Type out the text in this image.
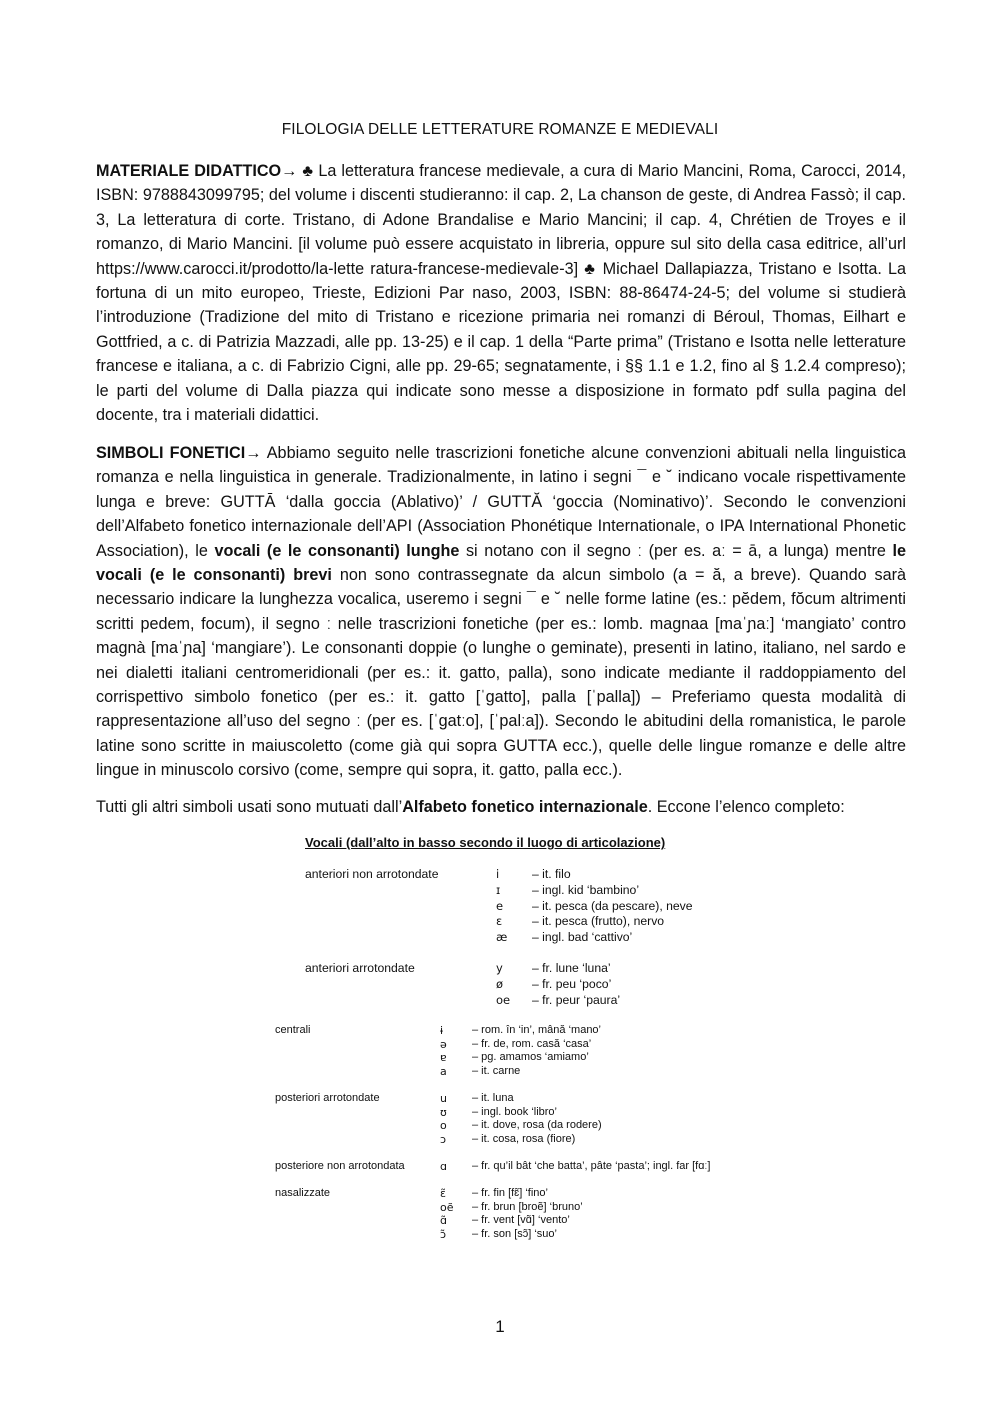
FILOLOGIA DELLE LETTERATURE ROMANZE E MEDIEVALI

MATERIALE DIDATTICO→ ♣ La letteratura francese medievale, a cura di Mario Mancini, Roma, Carocci, 2014, ISBN: 9788843099795; del volume i discenti studieranno: il cap. 2, La chanson de geste, di Andrea Fassò; il cap. 3, La letteratura di corte. Tristano, di Adone Brandalise e Mario Mancini; il cap. 4, Chrétien de Troyes e il romanzo, di Mario Mancini. [il volume può essere acquistato in libreria, oppure sul sito della casa editrice, all’url https://www.carocci.it/prodotto/la-lette ratura-francese-medievale-3] ♣ Michael Dallapiazza, Tristano e Isotta. La fortuna di un mito europeo, Trieste, Edizioni Par naso, 2003, ISBN: 88-86474-24-5; del volume si studierà l’introduzione (Tradizione del mito di Tristano e ricezione primaria nei romanzi di Béroul, Thomas, Eilhart e Gottfried, a c. di Patrizia Mazzadi, alle pp. 13-25) e il cap. 1 della “Parte prima” (Tristano e Isotta nelle letterature francese e italiana, a c. di Fabrizio Cigni, alle pp. 29-65; segnatamente, i §§ 1.1 e 1.2, fino al § 1.2.4 compreso); le parti del volume di Dalla piazza qui indicate sono messe a disposizione in formato pdf sulla pagina del docente, tra i materiali didattici.

SIMBOLI FONETICI→ Abbiamo seguito nelle trascrizioni fonetiche alcune convenzioni abituali nella linguistica romanza e nella linguistica in generale. Tradizionalmente, in latino i segni ¯ e ˘ indicano vocale rispettivamente lunga e breve: GUTTĀ ‘dalla goccia (Ablativo)’ / GUTTĂ ‘goccia (Nominativo)’. Secondo le convenzioni dell’Alfabeto fonetico internazionale dell’API (Association Phonétique Internationale, o IPA International Phonetic Association), le vocali (e le consonanti) lunghe si notano con il segno ː (per es. aː = ā, a lunga) mentre le vocali (e le consonanti) brevi non sono contrassegnate da alcun simbolo (a = ă, a breve). Quando sarà necessario indicare la lunghezza vocalica, useremo i segni ¯ e ˘ nelle forme latine (es.: pĕdem, fŏcum altrimenti scritti pedem, focum), il segno ː nelle trascrizioni fonetiche (per es.: lomb. magnaa [maˈɲaː] ‘mangiato’ contro magnà [maˈɲa] ‘mangiare’). Le consonanti doppie (o lunghe o geminate), presenti in latino, italiano, nel sardo e nei dialetti italiani centromeridionali (per es.: it. gatto, palla), sono indicate mediante il raddoppiamento del corrispettivo simbolo fonetico (per es.: it. gatto [ˈgatto], palla [ˈpalla]) – Preferiamo questa modalità di rappresentazione all’uso del segno ː (per es. [ˈgatːo], [ˈpalːa]). Secondo le abitudini della romanistica, le parole latine sono scritte in maiuscoletto (come già qui sopra GUTTA ecc.), quelle delle lingue romanze e delle altre lingue in minuscolo corsivo (come, sempre qui sopra, it. gatto, palla ecc.).

Tutti gli altri simboli usati sono mutuati dall’Alfabeto fonetico internazionale. Eccone l’elenco completo:

Vocali (dall’alto in basso secondo il luogo di articolazione)
anteriori non arrotondate	i	– it. filo
ɪ	– ingl. kid ‘bambino’
e – it. pesca (da pescare), neve
ɛ – it. pesca (frutto), nervo
æ – ingl. bad ‘cattivo’
anteriori arrotondate	y – fr. lune ‘luna’
ø – fr. peu ‘poco’
oe – fr. peur ‘paura’
centrali	ɨ	– rom. în ‘in’, mână ‘mano’
ə – fr. de, rom. casă ‘casa’
ɐ – pg. amamos ‘amiamo’
a – it. carne
posteriori arrotondate	u – it. luna
ʊ – ingl. book ‘libro’
o – it. dove, rosa (da rodere)
ɔ – it. cosa, rosa (fiore)
posteriore non arrotondata	ɑ – fr. qu’il bât ‘che batta’, pâte ‘pasta’; ingl. far [fɑː]
nasalizzate	ɛ̃ – fr. fin [fɛ̃] ‘fino’
oẽ – fr. brun [broẽ] ‘bruno’
ɑ̃ – fr. vent [vɑ̃] ‘vento’
ɔ̃ – fr. son [sɔ̃] ‘suo’
1
